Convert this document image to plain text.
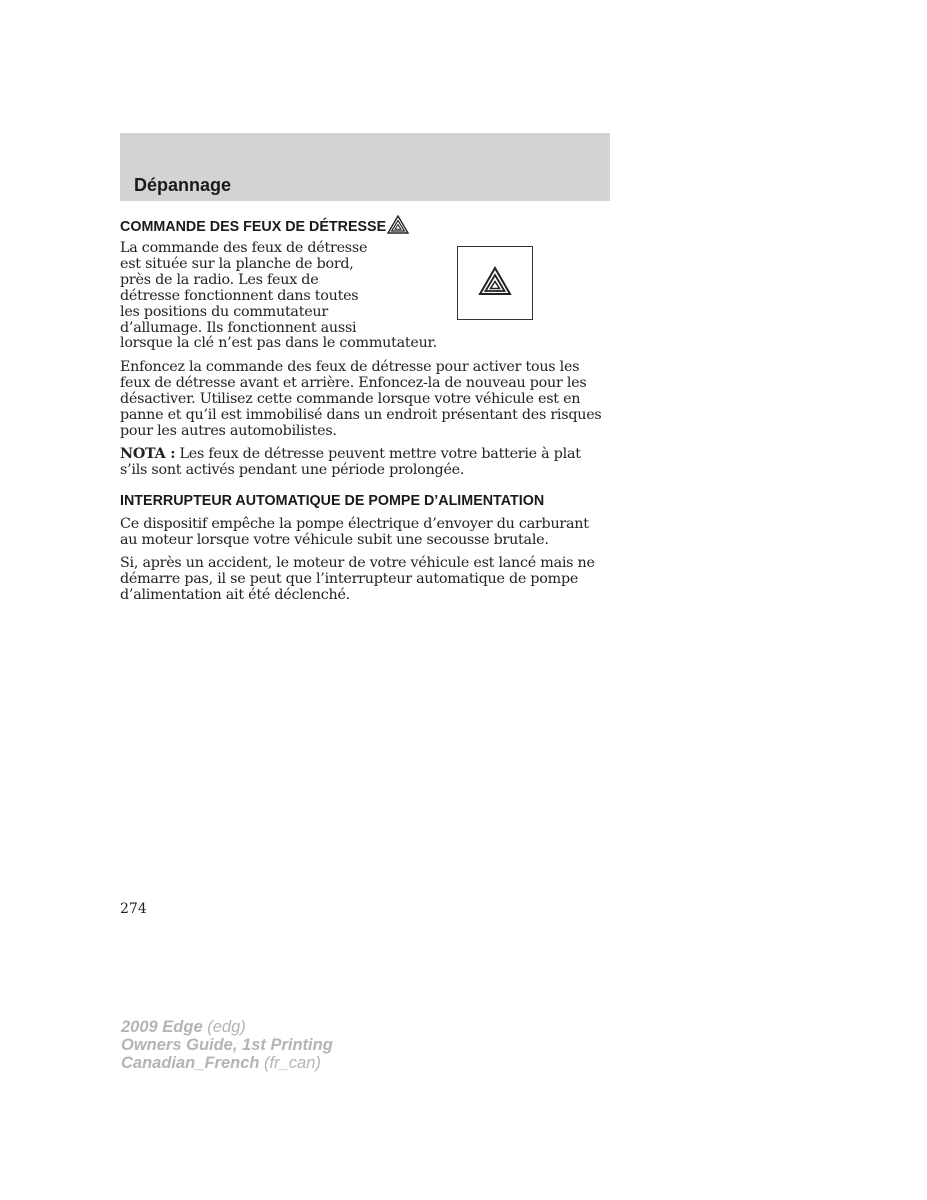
Dépannage
COMMANDE DES FEUX DE DÉTRESSE
La commande des feux de détresse
est située sur la planche de bord,
près de la radio. Les feux de
détresse fonctionnent dans toutes
les positions du commutateur
d’allumage. Ils fonctionnent aussi
lorsque la clé n’est pas dans le commutateur.

Enfoncez la commande des feux de détresse pour activer tous les feux de détresse avant et arrière. Enfoncez-la de nouveau pour les désactiver. Utilisez cette commande lorsque votre véhicule est en panne et qu’il est immobilisé dans un endroit présentant des risques pour les autres automobilistes.

NOTA : Les feux de détresse peuvent mettre votre batterie à plat s’ils sont activés pendant une période prolongée.

INTERRUPTEUR AUTOMATIQUE DE POMPE D’ALIMENTATION

Ce dispositif empêche la pompe électrique d’envoyer du carburant au moteur lorsque votre véhicule subit une secousse brutale.

Si, après un accident, le moteur de votre véhicule est lancé mais ne démarre pas, il se peut que l’interrupteur automatique de pompe d’alimentation ait été déclenché.

274
2009 Edge (edg)
Owners Guide, 1st Printing
Canadian_French (fr_can)
